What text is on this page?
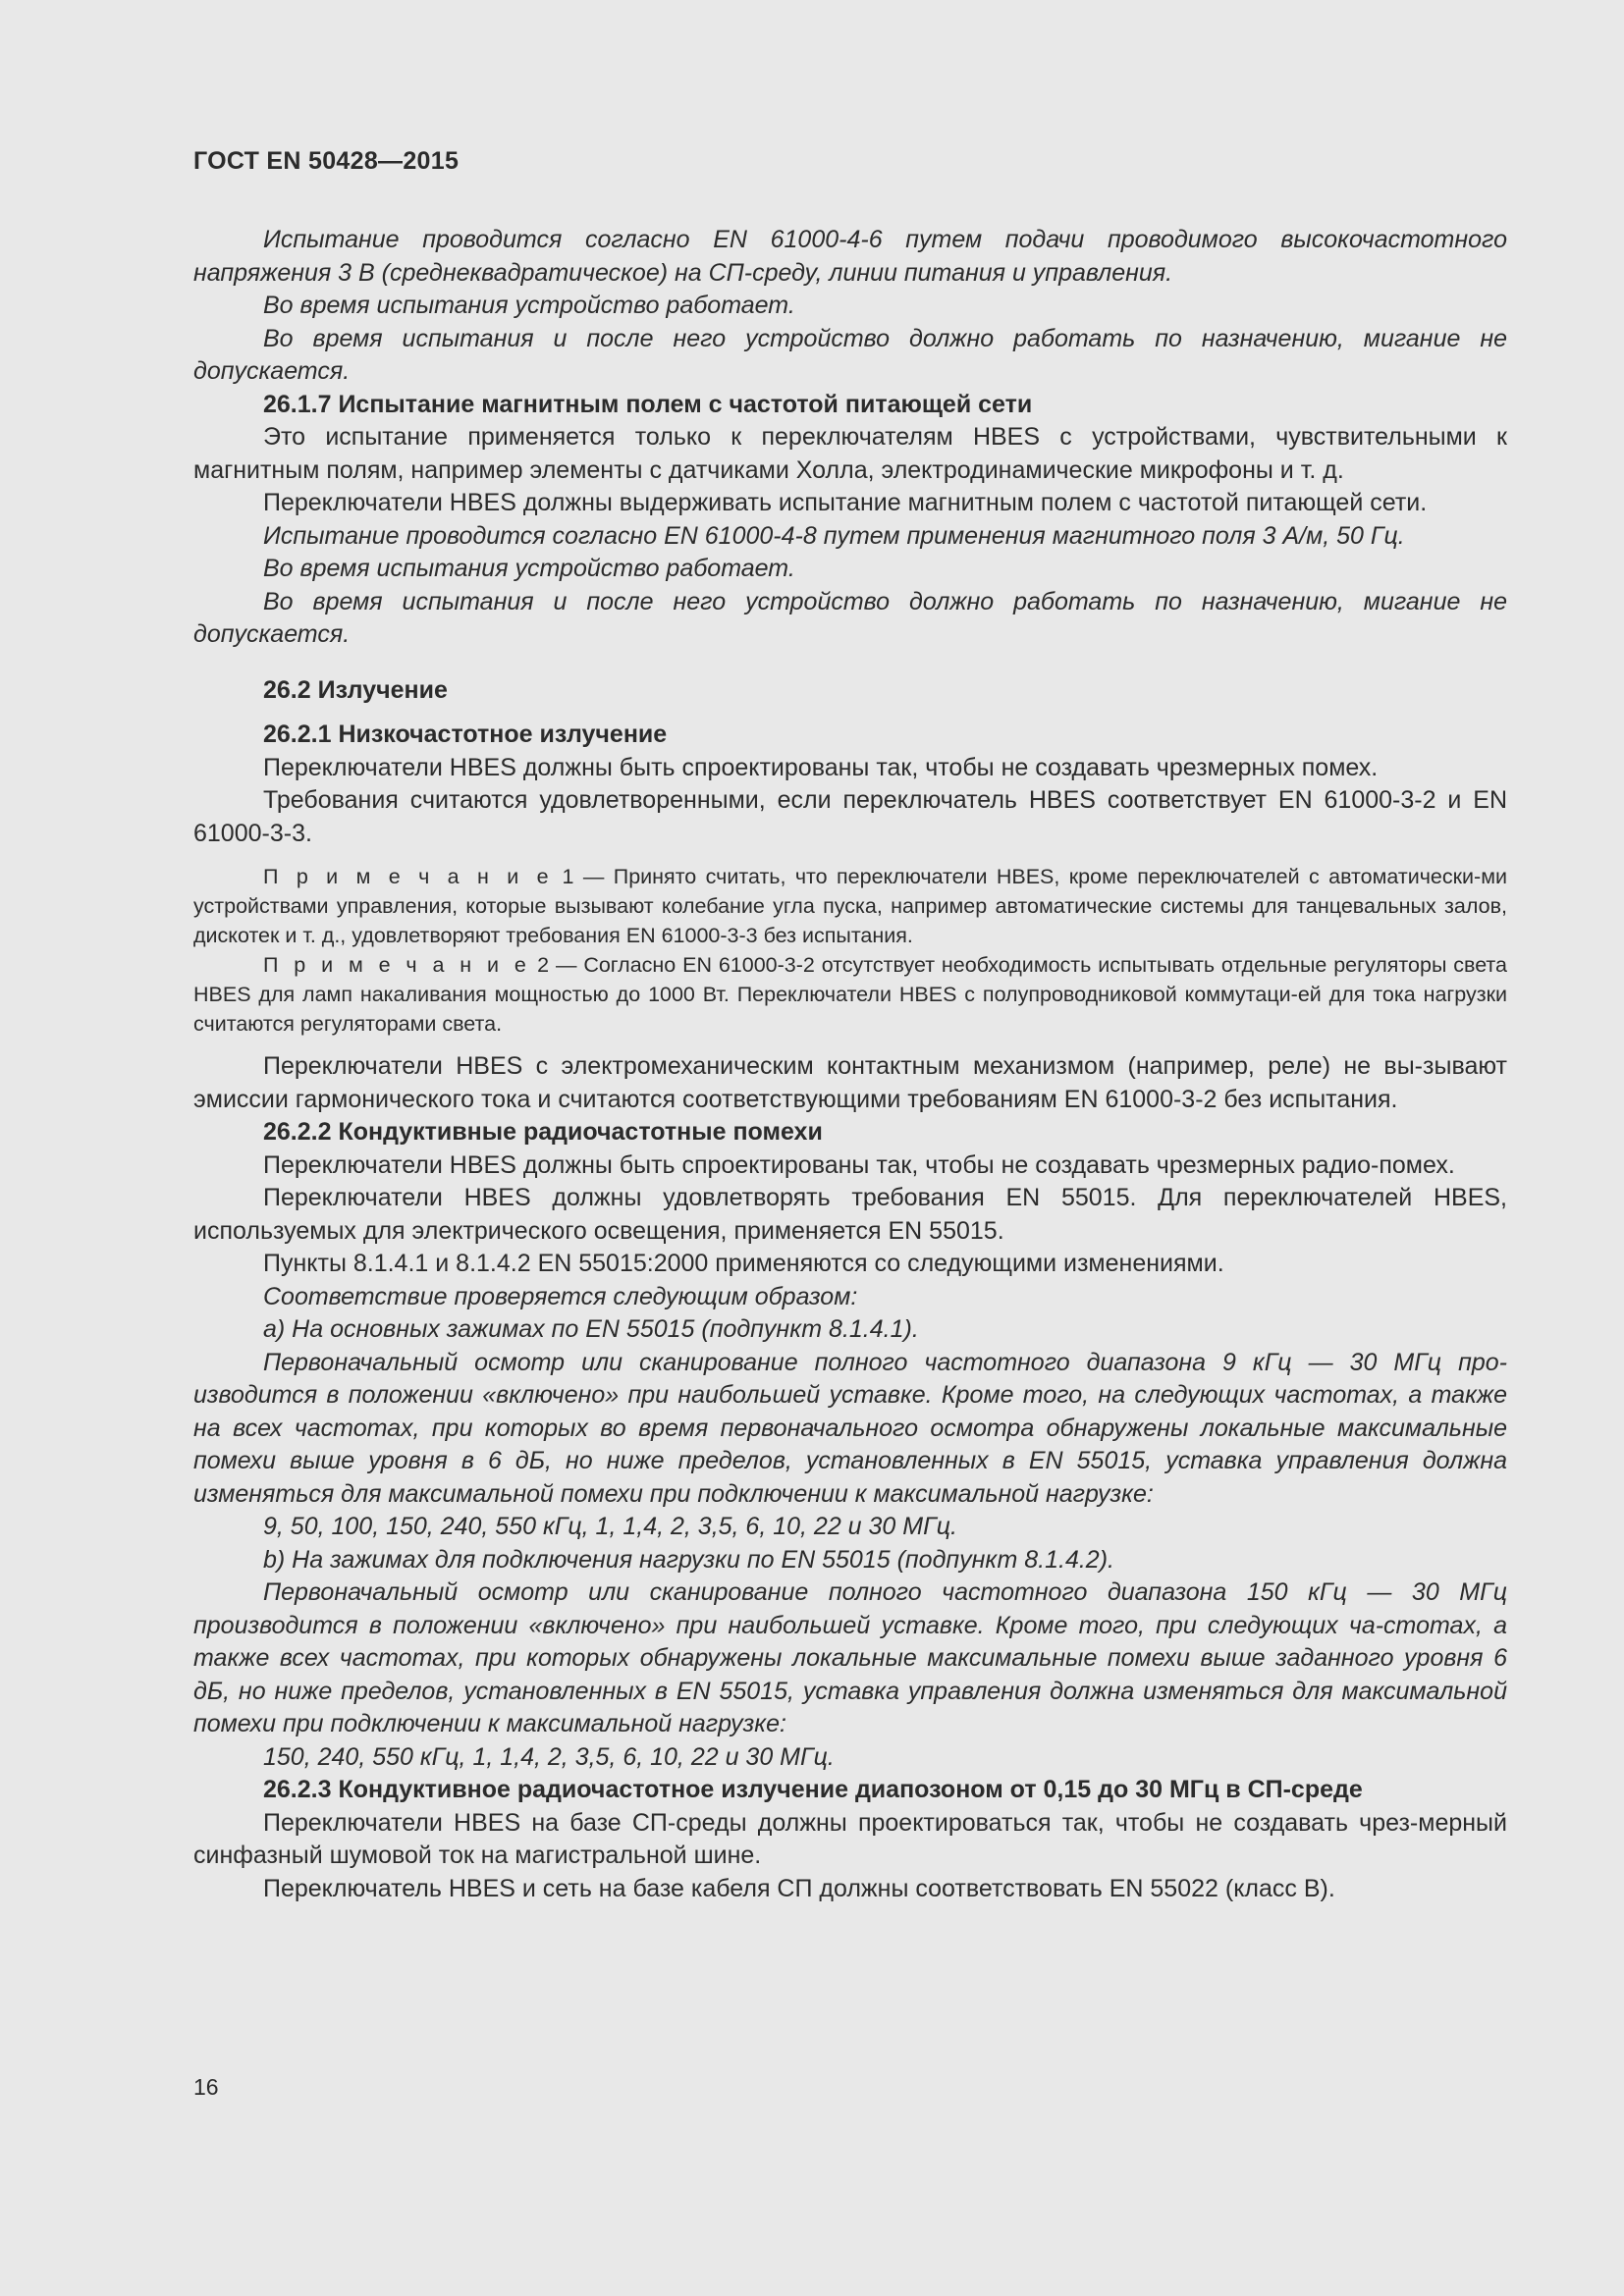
ГОСТ EN 50428—2015

Испытание проводится согласно EN 61000-4-6 путем подачи проводимого высокочастотного напряжения 3 В (среднеквадратическое) на СП-среду, линии питания и управления.

Во время испытания устройство работает.

Во время испытания и после него устройство должно работать по назначению, мигание не допускается.

26.1.7 Испытание магнитным полем с частотой питающей сети

Это испытание применяется только к переключателям HBES с устройствами, чувствительными к магнитным полям, например элементы с датчиками Холла, электродинамические микрофоны и т. д.

Переключатели HBES должны выдерживать испытание магнитным полем с частотой питающей сети.

Испытание проводится согласно EN 61000-4-8 путем применения магнитного поля 3 А/м, 50 Гц.

Во время испытания устройство работает.

Во время испытания и после него устройство должно работать по назначению, мигание не допускается.

26.2 Излучение

26.2.1 Низкочастотное излучение

Переключатели HBES должны быть спроектированы так, чтобы не создавать чрезмерных помех.

Требования считаются удовлетворенными, если переключатель HBES соответствует EN 61000-3-2 и EN 61000-3-3.

П р и м е ч а н и е 1 — Принято считать, что переключатели HBES, кроме переключателей с автоматически-ми устройствами управления, которые вызывают колебание угла пуска, например автоматические системы для танцевальных залов, дискотек и т. д., удовлетворяют требования EN 61000-3-3 без испытания.

П р и м е ч а н и е 2 — Согласно EN 61000-3-2 отсутствует необходимость испытывать отдельные регуляторы света HBES для ламп накаливания мощностью до 1000 Вт. Переключатели HBES с полупроводниковой коммутаци-ей для тока нагрузки считаются регуляторами света.

Переключатели HBES с электромеханическим контактным механизмом (например, реле) не вы-зывают эмиссии гармонического тока и считаются соответствующими требованиям EN 61000-3-2 без испытания.

26.2.2 Кондуктивные радиочастотные помехи

Переключатели HBES должны быть спроектированы так, чтобы не создавать чрезмерных радио-помех.

Переключатели HBES должны удовлетворять требования EN 55015. Для переключателей HBES, используемых для электрического освещения, применяется EN 55015.

Пункты 8.1.4.1 и 8.1.4.2 EN 55015:2000 применяются со следующими изменениями.

Соответствие проверяется следующим образом:

а) На основных зажимах по EN 55015 (подпункт 8.1.4.1).

Первоначальный осмотр или сканирование полного частотного диапазона 9 кГц — 30 МГц про-изводится в положении «включено» при наибольшей уставке. Кроме того, на следующих частотах, а также на всех частотах, при которых во время первоначального осмотра обнаружены локальные максимальные помехи выше уровня в 6 дБ, но ниже пределов, установленных в EN 55015, уставка управления должна изменяться для максимальной помехи при подключении к максимальной нагрузке:

9, 50, 100, 150, 240, 550 кГц, 1, 1,4, 2, 3,5, 6, 10, 22 и 30 МГц.

b) На зажимах для подключения нагрузки по EN 55015 (подпункт 8.1.4.2).

Первоначальный осмотр или сканирование полного частотного диапазона 150 кГц — 30 МГц производится в положении «включено» при наибольшей уставке. Кроме того, при следующих ча-стотах, а также всех частотах, при которых обнаружены локальные максимальные помехи выше заданного уровня 6 дБ, но ниже пределов, установленных в EN 55015, уставка управления должна изменяться для максимальной помехи при подключении к максимальной нагрузке:

150, 240, 550 кГц, 1, 1,4, 2, 3,5, 6, 10, 22 и 30 МГц.

26.2.3 Кондуктивное радиочастотное излучение диапозоном от 0,15 до 30 МГц в СП-среде

Переключатели HBES на базе СП-среды должны проектироваться так, чтобы не создавать чрез-мерный синфазный шумовой ток на магистральной шине.

Переключатель HBES и сеть на базе кабеля СП должны соответствовать EN 55022 (класс В).

16
